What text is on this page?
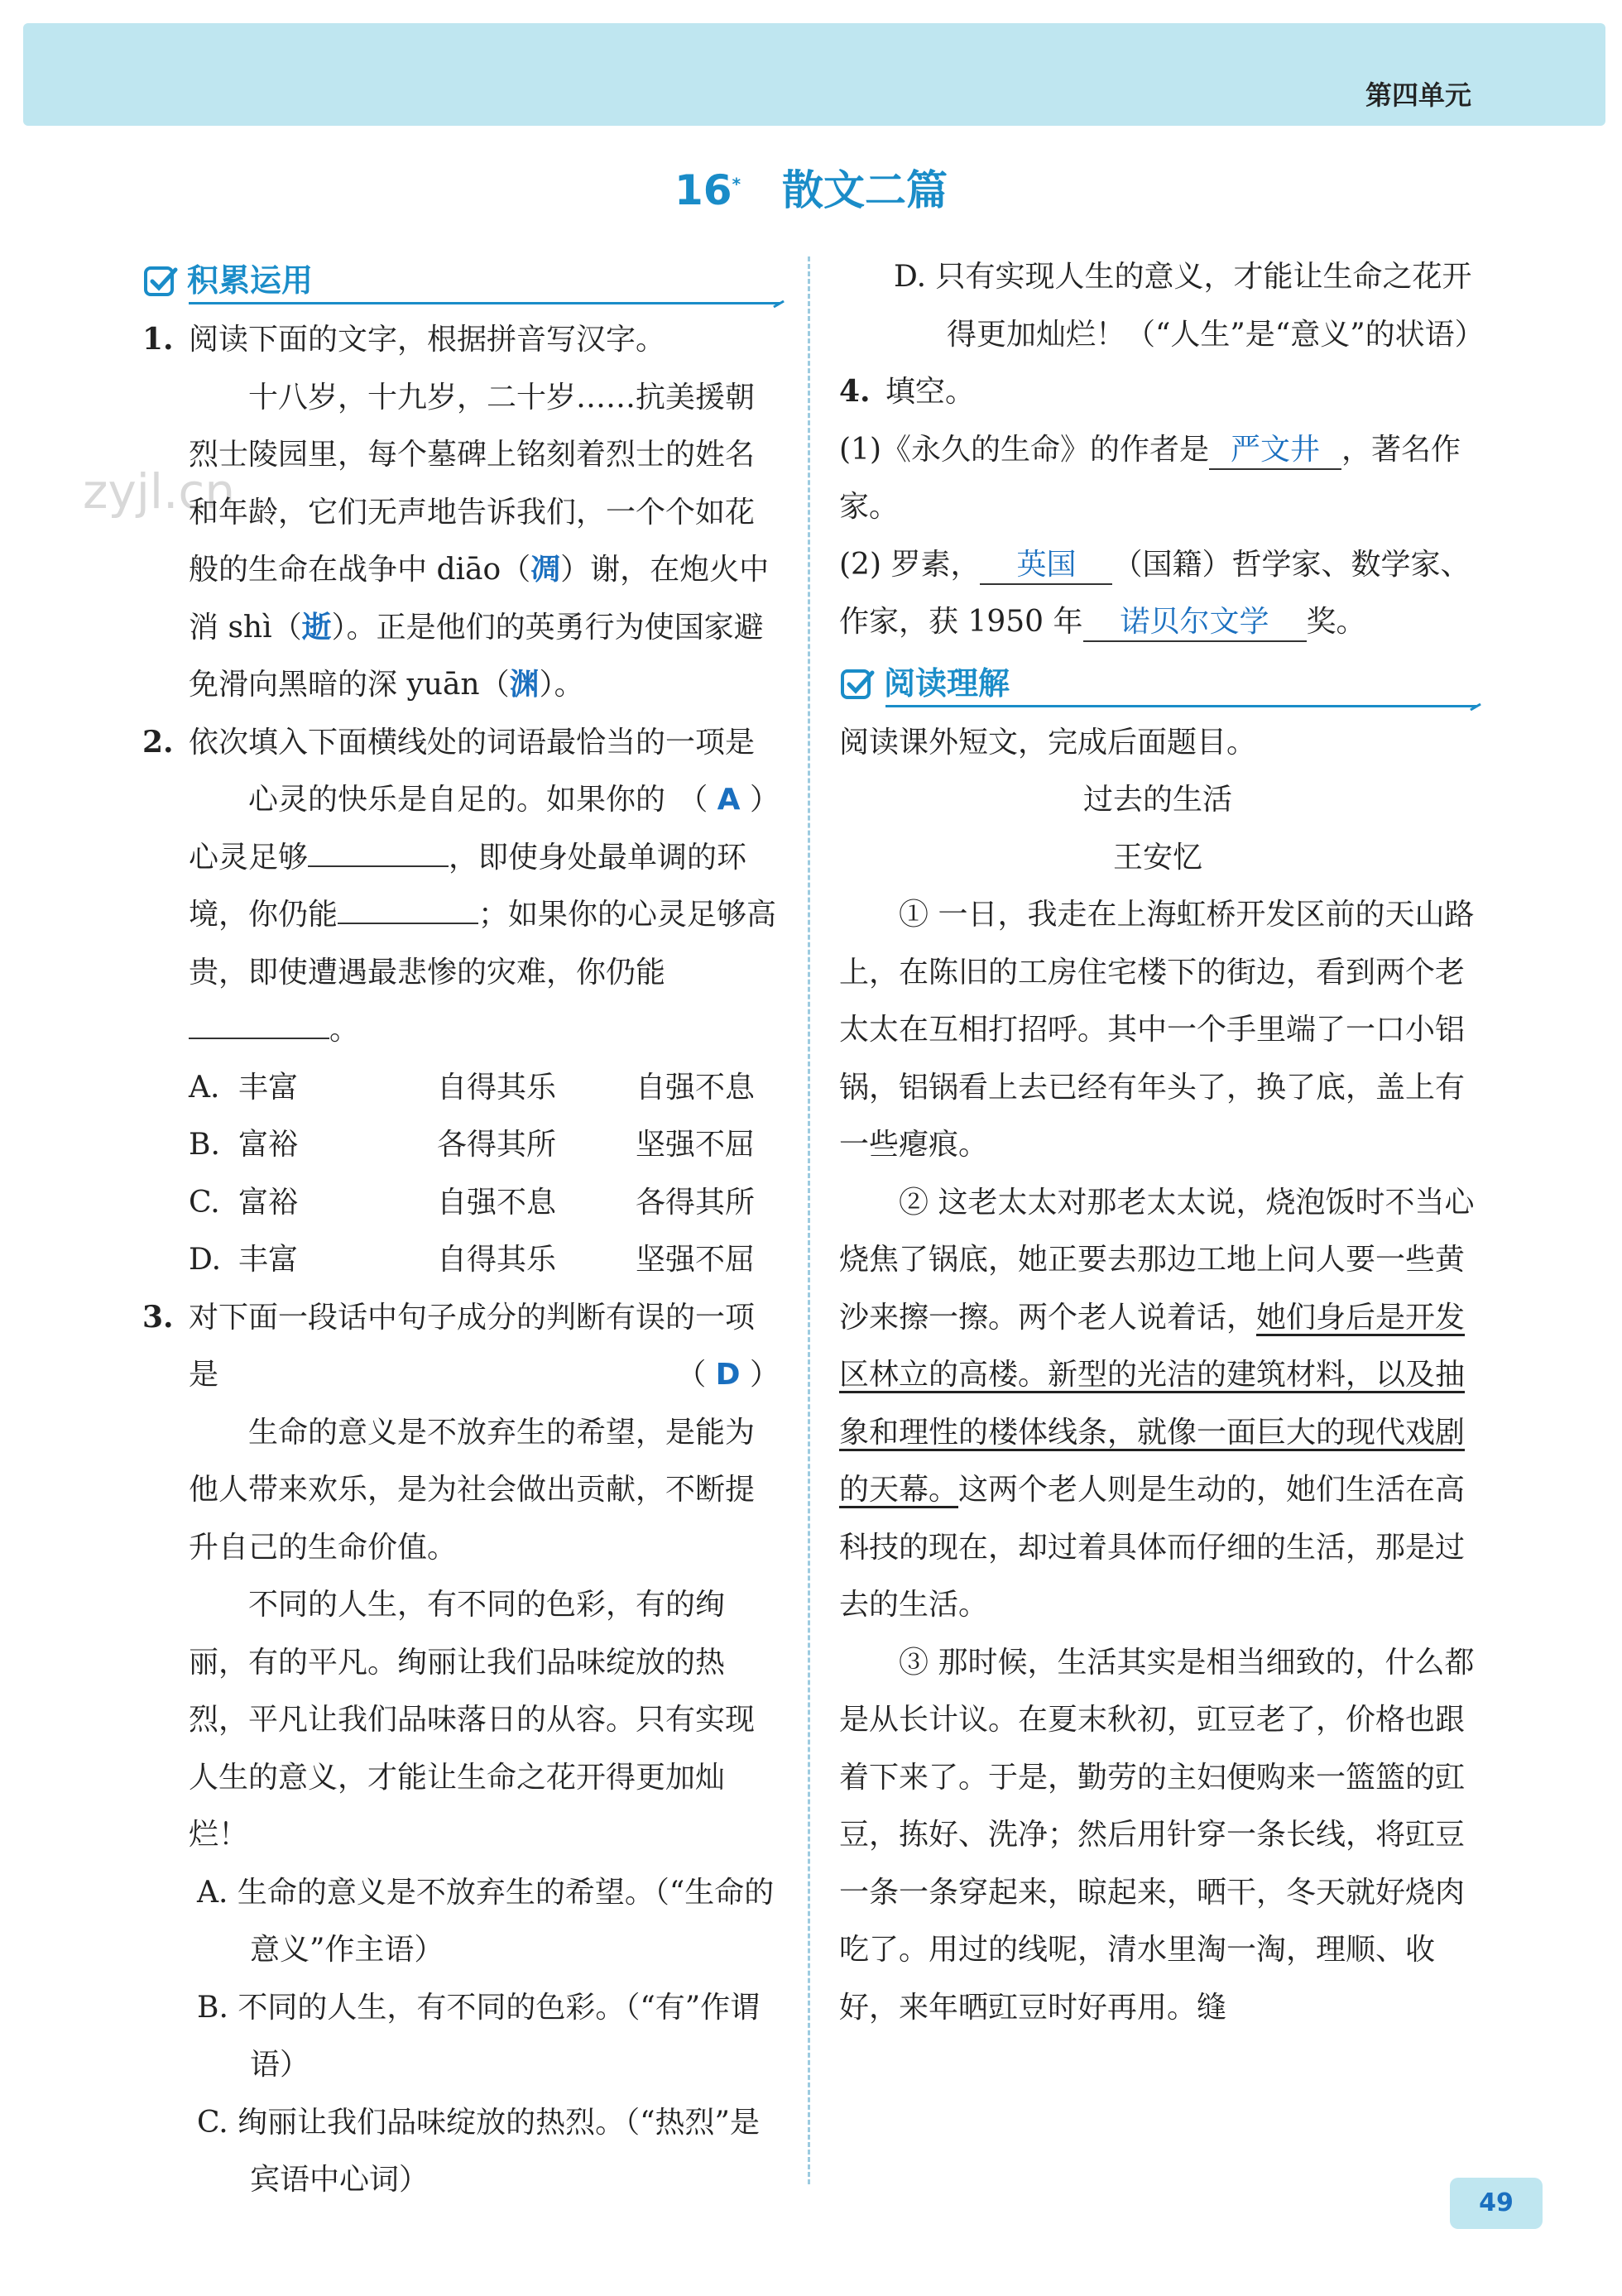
第四单元
16* 散文二篇
zyjl.cn
积累运用
1. 阅读下面的文字，根据拼音写汉字。

十八岁，十九岁，二十岁……抗美援朝烈士陵园里，每个墓碑上铭刻着烈士的姓名和年龄，它们无声地告诉我们，一个个如花般的生命在战争中 diāo（凋）谢，在炮火中消 shì（逝）。正是他们的英勇行为使国家避免滑向黑暗的深 yuān（渊）。

2. 依次填入下面横线处的词语最恰当的一项是
（ A ）

心灵的快乐是自足的。如果你的心灵足够	，即使身处最单调的环境，你仍能	；如果你的心灵足够高贵，即使遭遇最悲惨的灾难，你仍能。

A. 丰富	自得其乐	自强不息
B. 富裕	各得其所	坚强不屈
C. 富裕	自强不息	各得其所
D. 丰富	自得其乐	坚强不屈
3. 对下面一段话中句子成分的判断有误的一项是	（ D ）

生命的意义是不放弃生的希望，是能为他人带来欢乐，是为社会做出贡献，不断提升自己的生命价值。

不同的人生，有不同的色彩，有的绚丽，有的平凡。绚丽让我们品味绽放的热烈，平凡让我们品味落日的从容。只有实现人生的意义，才能让生命之花开得更加灿烂！

A. 生命的意义是不放弃生的希望。（“生命的意义”作主语）

B. 不同的人生，有不同的色彩。（“有”作谓语）

C. 绚丽让我们品味绽放的热烈。（“热烈”是宾语中心词）

D. 只有实现人生的意义，才能让生命之花开得更加灿烂！（“人生”是“意义”的状语）

4. 填空。

(1)《永久的生命》的作者是 严文井 ，著名作家。

(2) 罗素， 英国 （国籍）哲学家、数学家、作家，获 1950 年 诺贝尔文学 奖。

阅读理解

阅读课外短文，完成后面题目。

过去的生活

王安忆

① 一日，我走在上海虹桥开发区前的天山路上，在陈旧的工房住宅楼下的街边，看到两个老太太在互相打招呼。其中一个手里端了一口小铝锅，铝锅看上去已经有年头了，换了底，盖上有一些瘪痕。

② 这老太太对那老太太说，烧泡饭时不当心烧焦了锅底，她正要去那边工地上问人要一些黄沙来擦一擦。两个老人说着话，她们身后是开发区林立的高楼。新型的光洁的建筑材料，以及抽象和理性的楼体线条，就像一面巨大的现代戏剧的天幕。这两个老人则是生动的，她们生活在高科技的现在，却过着具体而仔细的生活，那是过去的生活。

③ 那时候，生活其实是相当细致的，什么都是从长计议。在夏末秋初，豇豆老了，价格也跟着下来了。于是，勤劳的主妇便购来一篮篮的豇豆，拣好、洗净；然后用针穿一条长线，将豇豆一条一条穿起来，晾起来，晒干，冬天就好烧肉吃了。用过的线呢，清水里淘一淘，理顺、收好，来年晒豇豆时好再用。缝

49
